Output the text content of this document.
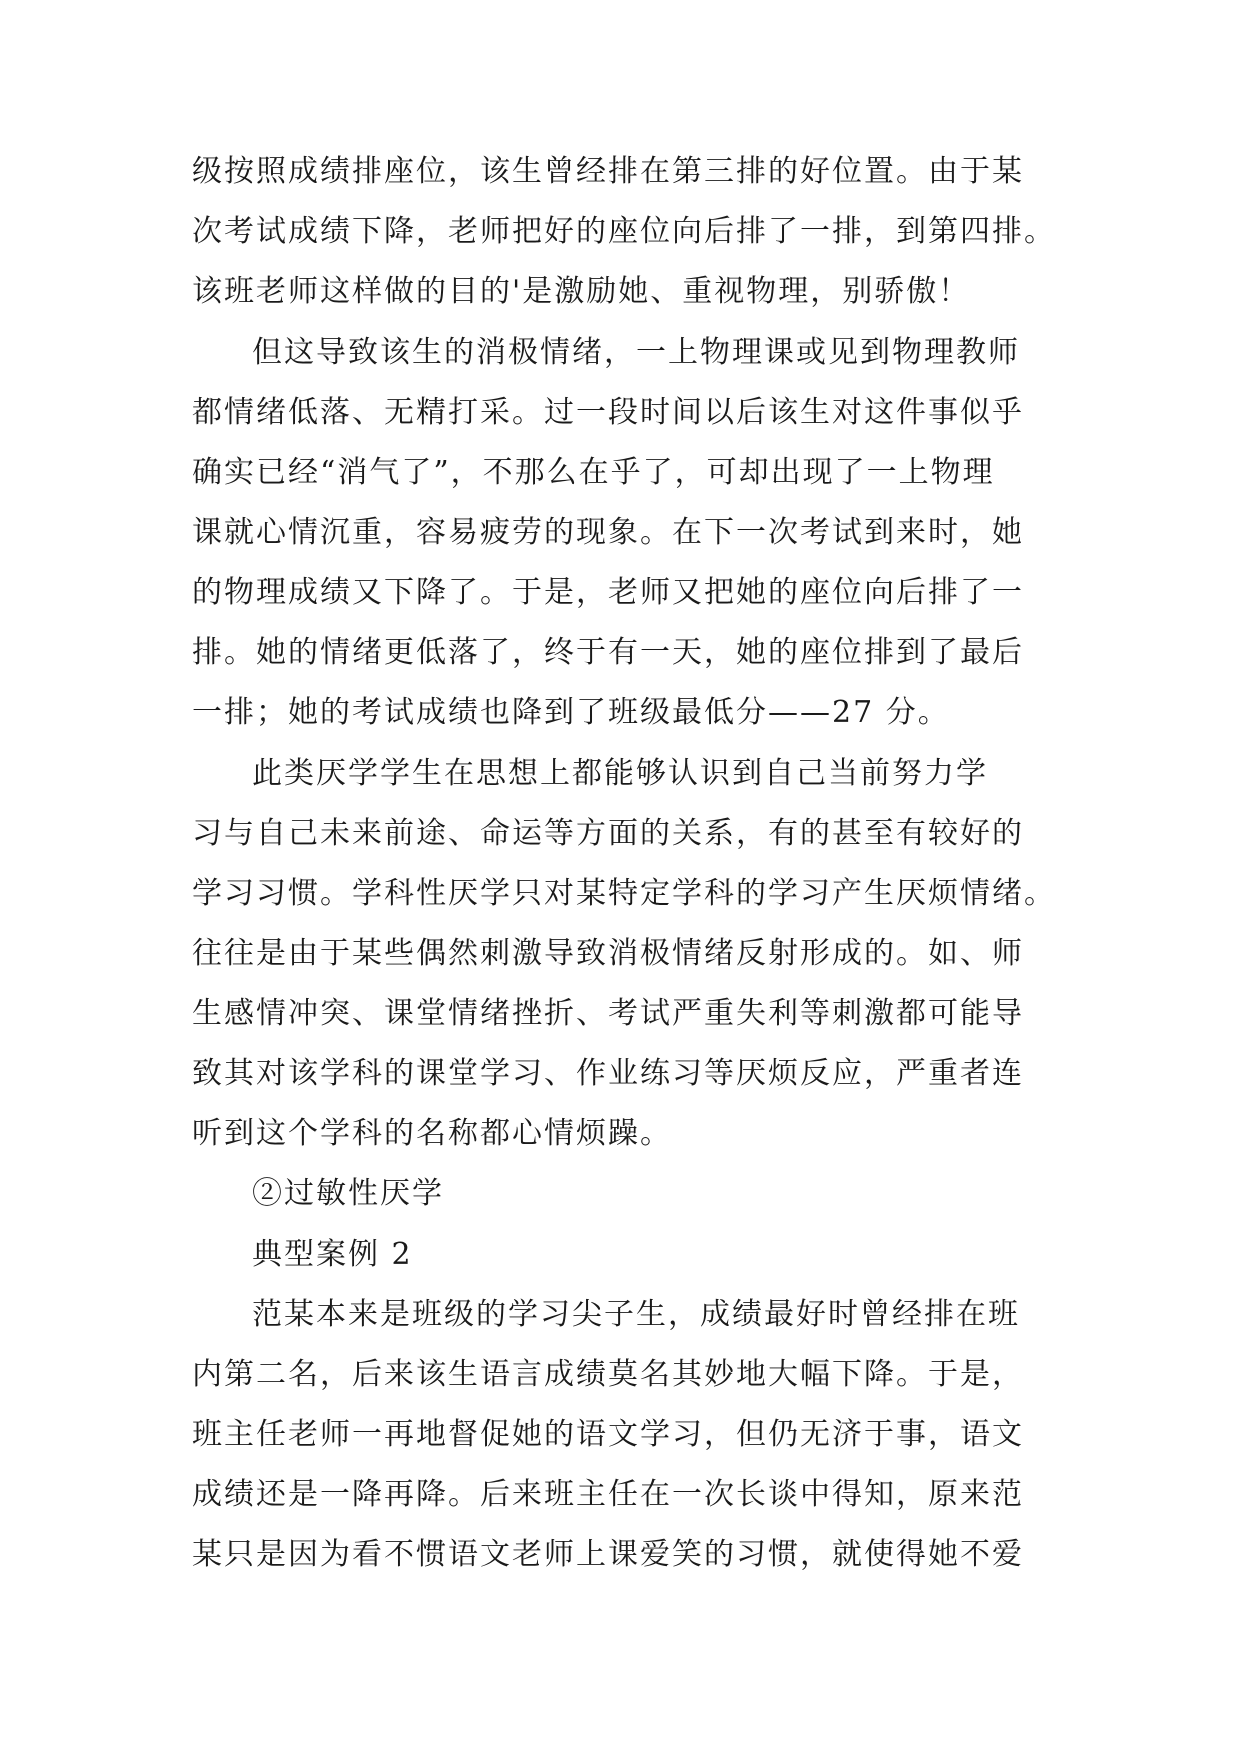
级按照成绩排座位，该生曾经排在第三排的好位置。由于某
次考试成绩下降，老师把好的座位向后排了一排，到第四排。
该班老师这样做的目的'是激励她、重视物理，别骄傲！
但这导致该生的消极情绪，一上物理课或见到物理教师
都情绪低落、无精打采。过一段时间以后该生对这件事似乎
确实已经“消气了”，不那么在乎了，可却出现了一上物理
课就心情沉重，容易疲劳的现象。在下一次考试到来时，她
的物理成绩又下降了。于是，老师又把她的座位向后排了一
排。她的情绪更低落了，终于有一天，她的座位排到了最后
一排；她的考试成绩也降到了班级最低分——27 分。
此类厌学学生在思想上都能够认识到自己当前努力学
习与自己未来前途、命运等方面的关系，有的甚至有较好的
学习习惯。学科性厌学只对某特定学科的学习产生厌烦情绪。
往往是由于某些偶然刺激导致消极情绪反射形成的。如、师
生感情冲突、课堂情绪挫折、考试严重失利等刺激都可能导
致其对该学科的课堂学习、作业练习等厌烦反应，严重者连
听到这个学科的名称都心情烦躁。
②过敏性厌学
典型案例 2
范某本来是班级的学习尖子生，成绩最好时曾经排在班
内第二名，后来该生语言成绩莫名其妙地大幅下降。于是，
班主任老师一再地督促她的语文学习，但仍无济于事，语文
成绩还是一降再降。后来班主任在一次长谈中得知，原来范
某只是因为看不惯语文老师上课爱笑的习惯，就使得她不爱
